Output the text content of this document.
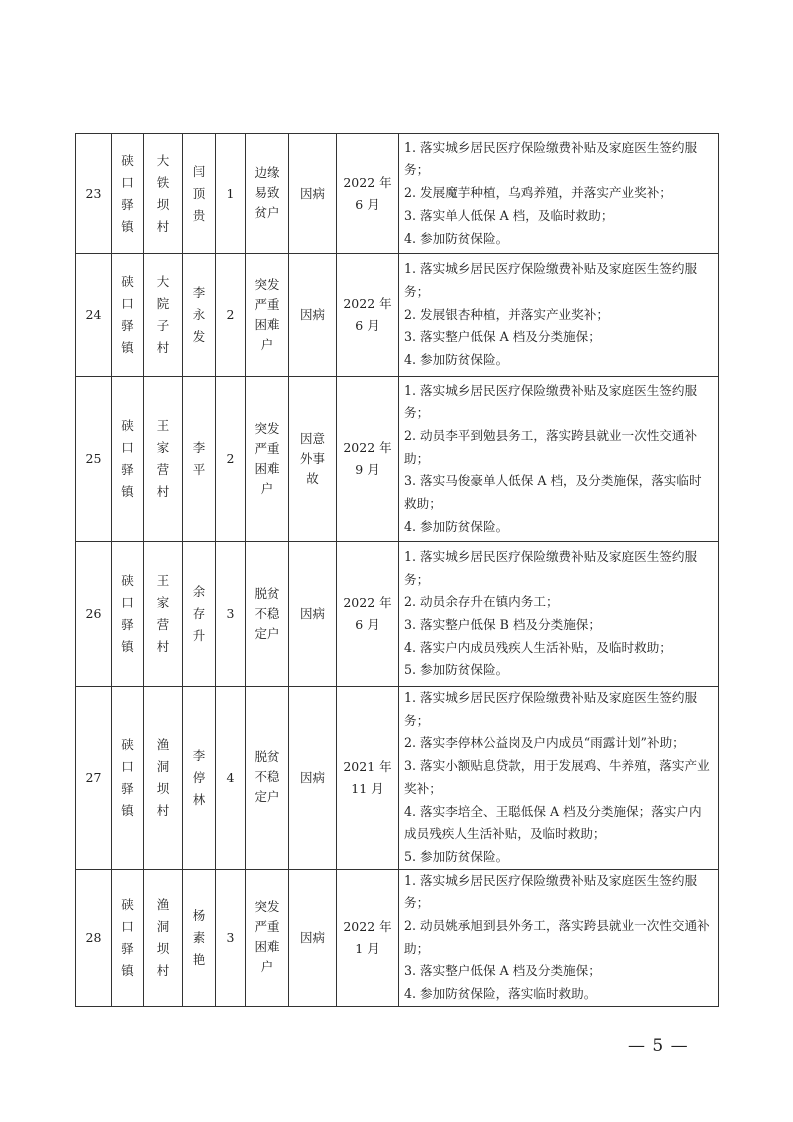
23	硖口驿镇	大铁坝村	闫顶贵	1	边缘易致贫户	因病	2022 年
6 月	1. 落实城乡居民医疗保险缴费补贴及家庭医生签约服务；
2. 发展魔芋种植，乌鸡养殖，并落实产业奖补；
3. 落实单人低保 A 档，及临时救助；
4. 参加防贫保险。

24	硖口驿镇	大院子村	李永发	2	突发严重困难户	因病	2022 年
6 月	1. 落实城乡居民医疗保险缴费补贴及家庭医生签约服务；
2. 发展银杏种植，并落实产业奖补；
3. 落实整户低保 A 档及分类施保；
4. 参加防贫保险。

25	硖口驿镇	王家营村	李平	2	突发严重困难户	因意外事故	2022 年
9 月	1. 落实城乡居民医疗保险缴费补贴及家庭医生签约服务；
2. 动员李平到勉县务工，落实跨县就业一次性交通补助；
3. 落实马俊豪单人低保 A 档，及分类施保，落实临时救助；
4. 参加防贫保险。

26	硖口驿镇	王家营村	余存升	3	脱贫不稳定户	因病	2022 年
6 月	1. 落实城乡居民医疗保险缴费补贴及家庭医生签约服务；
2. 动员余存升在镇内务工；
3. 落实整户低保 B 档及分类施保；
4. 落实户内成员残疾人生活补贴，及临时救助；
5. 参加防贫保险。

27	硖口驿镇	渔洞坝村	李停林	4	脱贫不稳定户	因病	2021 年
11 月	1. 落实城乡居民医疗保险缴费补贴及家庭医生签约服务；
2. 落实李停林公益岗及户内成员“雨露计划”补助；
3. 落实小额贴息贷款，用于发展鸡、牛养殖，落实产业奖补；
4. 落实李培全、王聪低保 A 档及分类施保；落实户内成员残疾人生活补贴，及临时救助；
5. 参加防贫保险。

28	硖口驿镇	渔洞坝村	杨素艳	3	突发严重困难户	因病	2022 年
1 月	1. 落实城乡居民医疗保险缴费补贴及家庭医生签约服务；
2. 动员姚承旭到县外务工，落实跨县就业一次性交通补助；
3. 落实整户低保 A 档及分类施保；
4. 参加防贫保险，落实临时救助。
— 5 —
